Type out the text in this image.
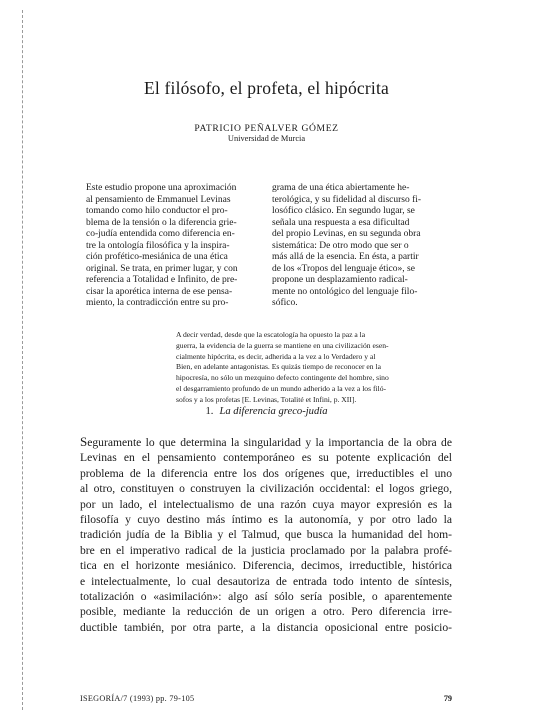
El filósofo, el profeta, el hipócrita
PATRICIO PEÑALVER GÓMEZ
Universidad de Murcia
Este estudio propone una aproximación
al pensamiento de Emmanuel Levinas
tomando como hilo conductor el pro-
blema de la tensión o la diferencia grie-
co-judía entendida como diferencia en-
tre la ontología filosófica y la inspira-
ción profético-mesiánica de una ética
original. Se trata, en primer lugar, y con
referencia a Totalidad e Infinito, de pre-
cisar la aporética interna de ese pensa-
miento, la contradicción entre su pro-
grama de una ética abiertamente he-
terológica, y su fidelidad al discurso fi-
losófico clásico. En segundo lugar, se
señala una respuesta a esa dificultad
del propio Levinas, en su segunda obra
sistemática: De otro modo que ser o
más allá de la esencia. En ésta, a partir
de los «Tropos del lenguaje ético», se
propone un desplazamiento radical-
mente no ontológico del lenguaje filo-
sófico.
A decir verdad, desde que la escatología ha opuesto la paz a la
guerra, la evidencia de la guerra se mantiene en una civilización esen-
cialmente hipócrita, es decir, adherida a la vez a lo Verdadero y al
Bien, en adelante antagonistas. Es quizás tiempo de reconocer en la
hipocresía, no sólo un mezquino defecto contingente del hombre, sino
el desgarramiento profundo de un mundo adherido a la vez a los filó-
sofos y a los profetas [E. Levinas, Totalité et Infini, p. XII].
1. La diferencia greco-judía
Seguramente lo que determina la singularidad y la importancia de la obra de
Levinas en el pensamiento contemporáneo es su potente explicación del
problema de la diferencia entre los dos orígenes que, irreductibles el uno
al otro, constituyen o construyen la civilización occidental: el logos griego,
por un lado, el intelectualismo de una razón cuya mayor expresión es la
filosofía y cuyo destino más íntimo es la autonomía, y por otro lado la
tradición judía de la Biblia y el Talmud, que busca la humanidad del hom-
bre en el imperativo radical de la justicia proclamado por la palabra profé-
tica en el horizonte mesiánico. Diferencia, decimos, irreductible, histórica
e intelectualmente, lo cual desautoriza de entrada todo intento de síntesis,
totalización o «asimilación»: algo así sólo sería posible, o aparentemente
posible, mediante la reducción de un origen a otro. Pero diferencia irre-
ductible también, por otra parte, a la distancia oposicional entre posicio-
ISEGORÍA/7 (1993) pp. 79-105	79
